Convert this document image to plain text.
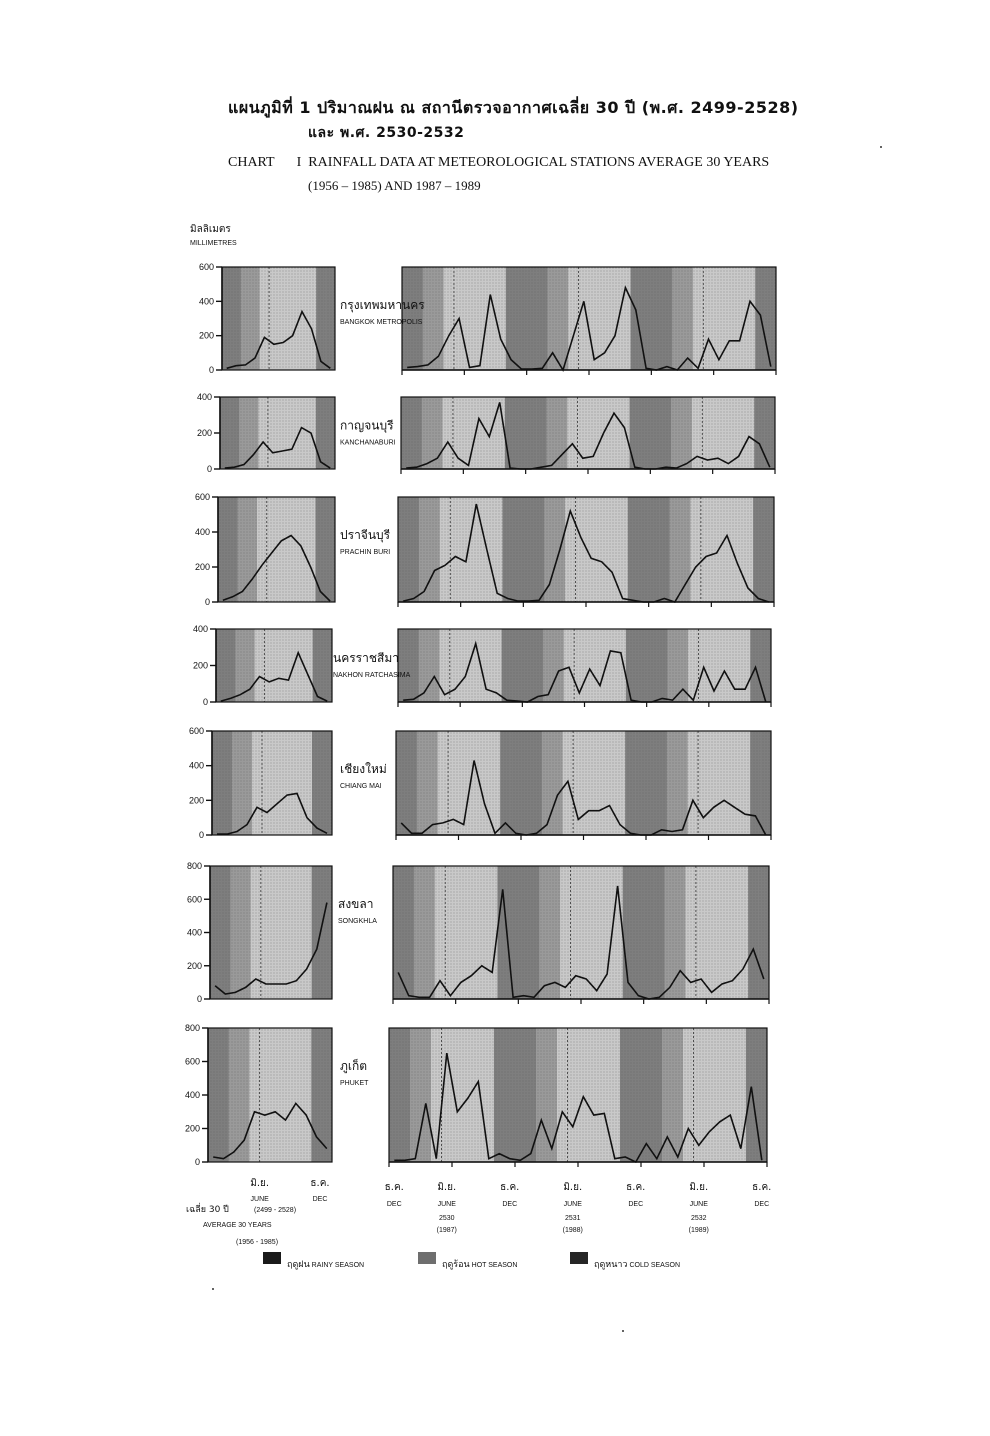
แผนภูมิที่ 1 ปริมาณฝน ณ สถานีตรวจอากาศเฉลี่ย 30 ปี (พ.ศ. 2499-2528)
และ พ.ศ. 2530-2532
CHART I RAINFALL DATA AT METEOROLOGICAL STATIONS AVERAGE 30 YEARS
(1956 – 1985) AND 1987 – 1989
มิลลิเมตร
MILLIMETRES
0
200
400
600
กรุงเทพมหานคร
BANGKOK METROPOLIS
0
200
400
กาญจนบุรี
KANCHANABURI
0
200
400
600
ปราจีนบุรี
PRACHIN BURI
0
200
400
นครราชสีมา
NAKHON RATCHASIMA
0
200
400
600
เชียงใหม่
CHIANG MAI
0
200
400
600
800
สงขลา
SONGKHLA
0
200
400
600
800
ภูเก็ต
PHUKET
มิ.ย.
JUNE
ธ.ค.
DEC
ธ.ค.
DEC
มิ.ย.
JUNE
2530
(1987)
ธ.ค.
DEC
มิ.ย.
JUNE
2531
(1988)
ธ.ค.
DEC
มิ.ย.
JUNE
2532
(1989)
ธ.ค.
DEC
เฉลี่ย 30 ปี	(2499 - 2528)
AVERAGE 30 YEARS
(1956 - 1985)
ฤดูฝน RAINY SEASON	ฤดูร้อน HOT SEASON	ฤดูหนาว COLD SEASON
